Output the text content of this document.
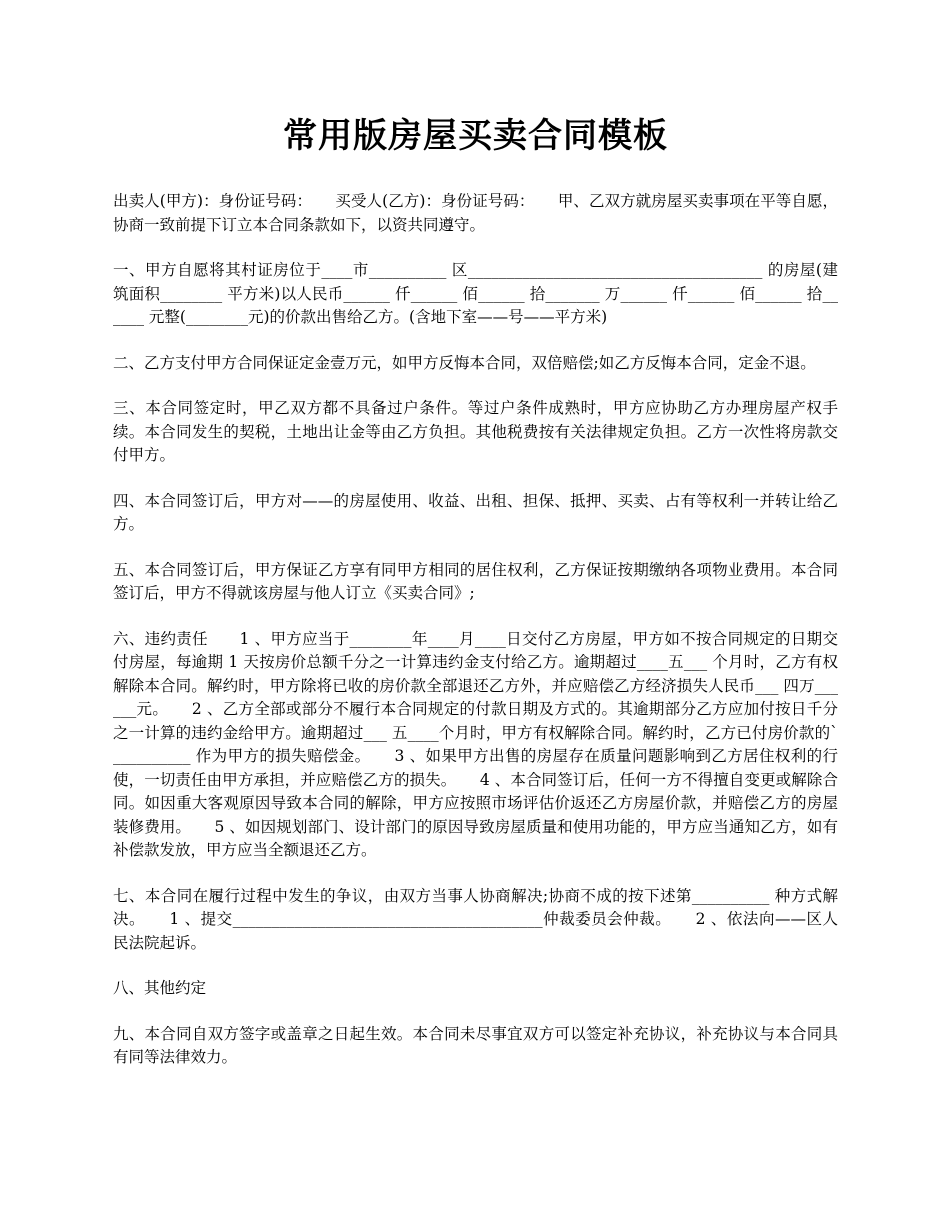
常用版房屋买卖合同模板

出卖人(甲方)：身份证号码：　　买受人(乙方)：身份证号码：　　甲、乙双方就房屋买卖事项在平等自愿，协商一致前提下订立本合同条款如下，以资共同遵守。

一、甲方自愿将其村证房位于____市__________ 区______________________________________ 的房屋(建筑面积________ 平方米)以人民币______ 仟______ 佰______ 拾_______ 万______ 仟______ 佰______ 拾______ 元整(________元)的价款出售给乙方。(含地下室——号——平方米)

二、乙方支付甲方合同保证定金壹万元，如甲方反悔本合同，双倍赔偿;如乙方反悔本合同，定金不退。

三、本合同签定时，甲乙双方都不具备过户条件。等过户条件成熟时，甲方应协助乙方办理房屋产权手续。本合同发生的契税，土地出让金等由乙方负担。其他税费按有关法律规定负担。乙方一次性将房款交付甲方。

四、本合同签订后，甲方对——的房屋使用、收益、出租、担保、抵押、买卖、占有等权利一并转让给乙方。

五、本合同签订后，甲方保证乙方享有同甲方相同的居住权利，乙方保证按期缴纳各项物业费用。本合同签订后，甲方不得就该房屋与他人订立《买卖合同》;

六、违约责任　　1 、甲方应当于________年____月____日交付乙方房屋，甲方如不按合同规定的日期交付房屋，每逾期 1 天按房价总额千分之一计算违约金支付给乙方。逾期超过____五___ 个月时，乙方有权解除本合同。解约时，甲方除将已收的房价款全部退还乙方外，并应赔偿乙方经济损失人民币___ 四万______元。　　2 、乙方全部或部分不履行本合同规定的付款日期及方式的。其逾期部分乙方应加付按日千分之一计算的违约金给甲方。逾期超过___ 五____个月时，甲方有权解除合同。解约时，乙方已付房价款的`__________ 作为甲方的损失赔偿金。　　3 、如果甲方出售的房屋存在质量问题影响到乙方居住权利的行使，一切责任由甲方承担，并应赔偿乙方的损失。　　4 、本合同签订后，任何一方不得擅自变更或解除合同。如因重大客观原因导致本合同的解除，甲方应按照市场评估价返还乙方房屋价款，并赔偿乙方的房屋装修费用。　　5 、如因规划部门、设计部门的原因导致房屋质量和使用功能的，甲方应当通知乙方，如有补偿款发放，甲方应当全额退还乙方。

七、本合同在履行过程中发生的争议，由双方当事人协商解决;协商不成的按下述第__________ 种方式解决。　　1 、提交________________________________________仲裁委员会仲裁。　　2 、依法向——区人民法院起诉。

八、其他约定

九、本合同自双方签字或盖章之日起生效。本合同未尽事宜双方可以签定补充协议，补充协议与本合同具有同等法律效力。
